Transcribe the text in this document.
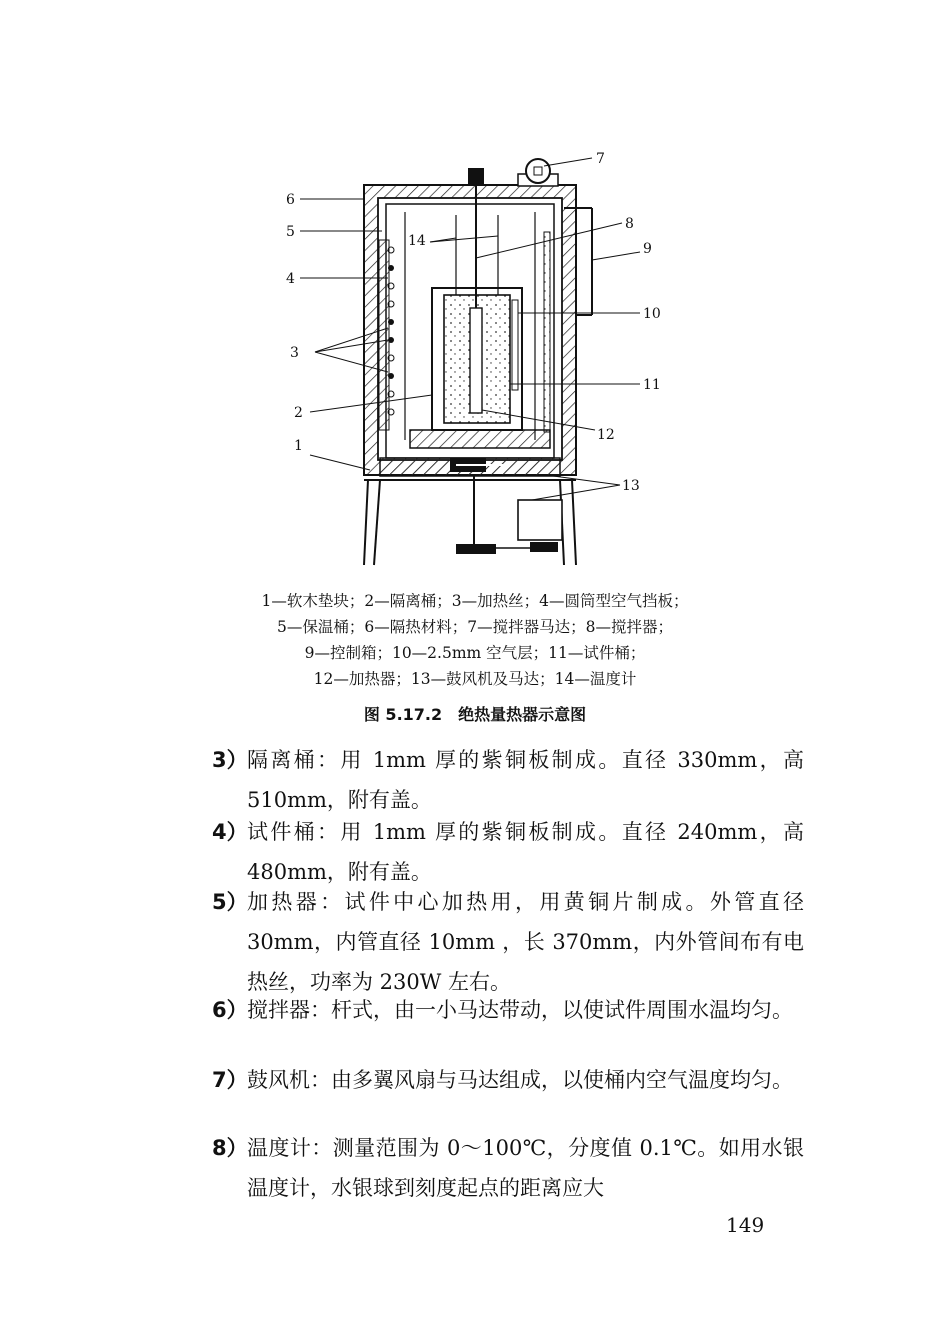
1
2
3
4
5
6
7
8
9
10
11
12
13
14
1—软木垫块；2—隔离桶；3—加热丝；4—圆筒型空气挡板；
5—保温桶；6—隔热材料；7—搅拌器马达；8—搅拌器；
9—控制箱；10—2.5mm 空气层；11—试件桶；
12—加热器；13—鼓风机及马达；14—温度计
图 5.17.2　绝热量热器示意图
3） 隔离桶：用 1mm 厚的紫铜板制成。直径 330mm，高 510mm，附有盖。
4） 试件桶：用 1mm 厚的紫铜板制成。直径 240mm，高 480mm，附有盖。
5） 加热器：试件中心加热用，用黄铜片制成。外管直径 30mm，内管直径 10mm ，长 370mm，内外管间布有电热丝，功率为 230W 左右。
6） 搅拌器：杆式，由一小马达带动，以使试件周围水温均匀。
7） 鼓风机：由多翼风扇与马达组成，以使桶内空气温度均匀。
8） 温度计：测量范围为 0～100℃，分度值 0.1℃。如用水银温度计，水银球到刻度起点的距离应大
149
